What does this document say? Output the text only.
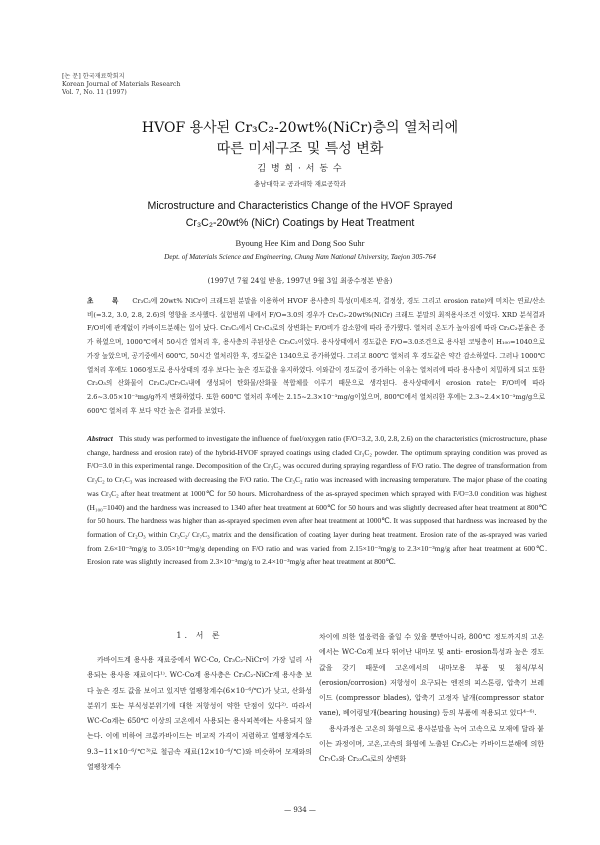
[논 문] 한국재료학회지
Korean Journal of Materials Research
Vol. 7, No. 11 (1997)
HVOF 용사된 Cr₃C₂-20wt%(NiCr)층의 열처리에
따른 미세구조 및 특성 변화
김 병 희 · 서 동 수
충남대학교 공과대학 재료공학과
Microstructure and Characteristics Change of the HVOF Sprayed
Cr₃C₂-20wt% (NiCr) Coatings by Heat Treatment
Byoung Hee Kim and Dong Soo Suhr
Dept. of Materials Science and Engineering, Chung Nam National University, Taejon 305-764
(1997년 7월 24일 받음, 1997년 9월 3일 최종수정본 받음)
초 록 Cr₃C₂에 20wt% NiCr이 크래드된 분말을 이용하여 HVOF 용사층의 특성(미세조직, 결정상, 경도 그리고 erosion rate)에 미치는 연료/산소 비(=3.2, 3.0, 2.8, 2.6)의 영향을 조사했다. 실험범위 내에서 F/O=3.0의 경우가 Cr₃C₂-20wt%(NiCr) 크래드 분말의 최적용사조건 이었다. XRD 분석결과 F/O비에 관계없이 카바이드분해는 일어 났다. Cr₃C₂에서 Cr₇C₃로의 상변화는 F/O비가 감소함에 따라 증가했다. 열처리 온도가 높아짐에 따라 Cr₃C₂분율은 증가 하였으며, 1000℃에서 50시간 열처리 후, 용사층의 주된상은 Cr₃C₂이었다. 용사상태에서 경도값은 F/O=3.0조건으로 용사된 코팅층이 H₁₀₀=1040으로 가장 높았으며, 공기중에서 600℃, 50시간 열처리한 후, 경도값은 1340으로 증가하였다. 그리고 800℃ 열처리 후 경도값은 약간 감소하였다. 그러나 1000℃ 열처리 후에도 1060정도로 용사상태의 경우 보다는 높은 경도값을 유지하였다. 이와같이 경도값이 증가하는 이유는 열처리에 따라 용사층이 치밀하게 되고 또한 Cr₂O₃의 산화물이 Cr₃C₂/Cr₇C₃내에 생성되어 탄화물/산화물 복합체를 이루기 때문으로 생각된다. 용사상태에서 erosion rate는 F/O비에 따라 2.6~3.05×10⁻³mg/g까지 변화하였다. 또한 600℃ 열처리 후에는 2.15~2.3×10⁻³mg/g이었으며, 800℃에서 열처리한 후에는 2.3~2.4×10⁻³mg/g으로 600℃ 열처리 후 보다 약간 높은 결과를 보였다.
Abstract This study was performed to investigate the influence of fuel/oxygen ratio (F/O=3.2, 3.0, 2.8, 2.6) on the characteristics (microstructure, phase change, hardness and erosion rate) of the hybrid-HVOF sprayed coatings using claded Cr₃C₂ powder. The optimum spraying condition was proved as F/O=3.0 in this experimental range. Decomposition of the Cr₃C₂ was occured during spraying regardless of F/O ratio. The degree of transformation from Cr₃C₂ to Cr₇C₃ was increased with decreasing the F/O ratio. The Cr₃C₂ ratio was increased with increasing temperature. The major phase of the coating was Cr₃C₂ after heat treatment at 1000℃ for 50 hours. Microhardness of the as-sprayed specimen which sprayed with F/O=3.0 condition was highest (H₁₀₀=1040) and the hardness was increased to 1340 after heat treatment at 600℃ for 50 hours and was slightly decreased after heat treatment at 800℃ for 50 hours. The hardness was higher than as-sprayed specimen even after heat treatment at 1000℃. It was supposed that hardness was increased by the formation of Cr₂O₃ within Cr₃C₂/ Cr₇C₃ matrix and the densification of coating layer during heat treatment. Erosion rate of the as-sprayed was varied from 2.6×10⁻³mg/g to 3.05×10⁻³mg/g depending on F/O ratio and was varied from 2.15×10⁻³mg/g to 2.3×10⁻³mg/g after heat treatment at 600℃. Erosion rate was slightly increased from 2.3×10⁻³mg/g to 2.4×10⁻³mg/g after heat treatment at 800℃.
1. 서 론

카바이드계 용사용 재료중에서 WC-Co, Cr₃C₂-NiCr이 가장 널리 사용되는 용사용 재료이다¹⁾. WC-Co계 용사층은 Cr₃C₂-NiCr계 용사층 보다 높은 경도 값을 보이고 있지만 열팽창계수(6×10⁻⁶/℃)가 낮고, 산화성분위기 또는 부식성분위기에 대한 저항성이 약한 단점이 있다²⁾. 따라서 WC-Co계는 650℃ 이상의 고온에서 사용되는 용사피복에는 사용되지 않는다. 이에 비하여 크롬카바이드는 비교적 가격이 저렴하고 열팽창계수도 9.3~11×10⁻⁶/℃³⁾로 철금속 재료(12×10⁻⁶/℃)와 비슷하여 모재와의 열팽창계수

차이에 의한 열응력을 줄일 수 있을 뿐만아니라, 800℃ 정도까지의 고온에서는 WC-Co계 보다 뛰어난 내마모 및 anti- erosion특성과 높은 경도 값을 갖기 때문에 고온에서의 내마모용 부품 및 침식/부식(erosion/corrosion) 저항성이 요구되는 엔진의 피스톤링, 압축기 브레이드 (compressor blades), 압축기 고정자 날개(compressor stator vane), 베어링덮개(bearing housing) 등의 부품에 적용되고 있다⁴⁻⁶⁾.

용사과정은 고온의 화염으로 용사분말을 녹여 고속으로 모재에 달라 붙이는 과정이며, 고온,고속의 화염에 노출된 Cr₃C₂는 카바이드분해에 의한 Cr₇C₃와 Cr₂₃C₆로의 상변화

— 934 —
